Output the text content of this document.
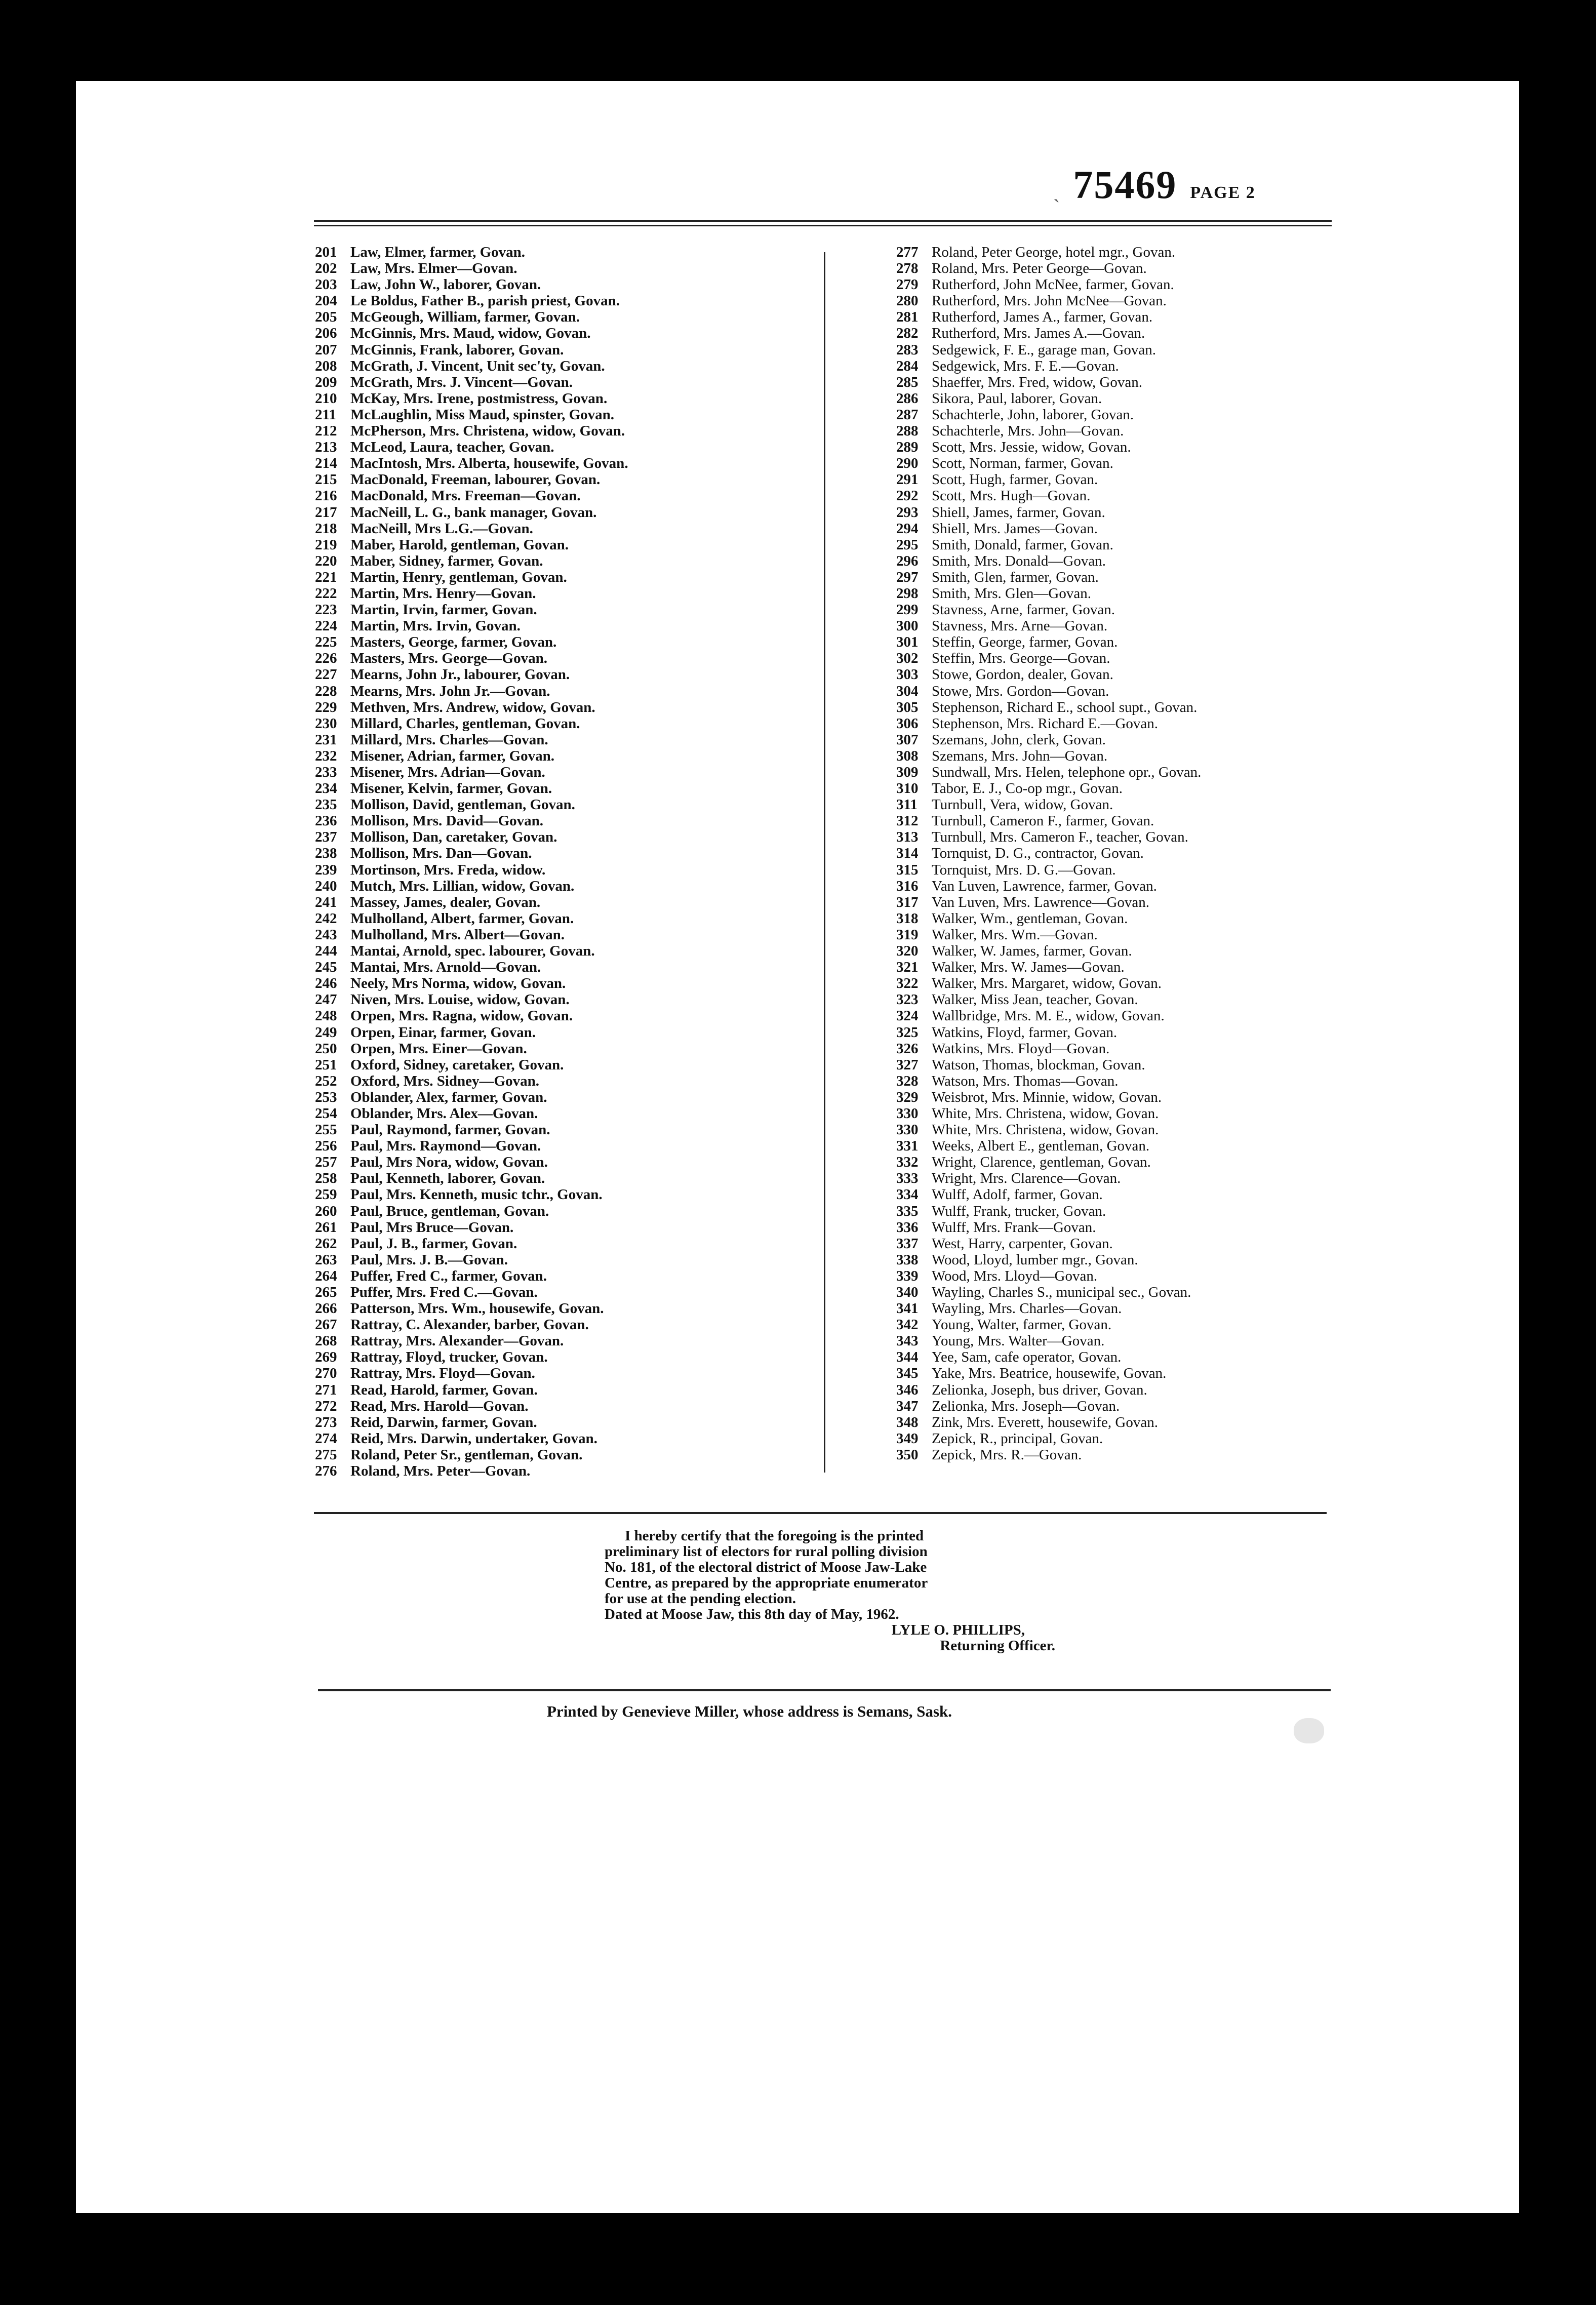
ˎ 75469 PAGE 2
201 Law, Elmer, farmer, Govan.
202 Law, Mrs. Elmer—Govan.
203 Law, John W., laborer, Govan.
204 Le Boldus, Father B., parish priest, Govan.
205 McGeough, William, farmer, Govan.
206 McGinnis, Mrs. Maud, widow, Govan.
207 McGinnis, Frank, laborer, Govan.
208 McGrath, J. Vincent, Unit sec'ty, Govan.
209 McGrath, Mrs. J. Vincent—Govan.
210 McKay, Mrs. Irene, postmistress, Govan.
211 McLaughlin, Miss Maud, spinster, Govan.
212 McPherson, Mrs. Christena, widow, Govan.
213 McLeod, Laura, teacher, Govan.
214 MacIntosh, Mrs. Alberta, housewife, Govan.
215 MacDonald, Freeman, labourer, Govan.
216 MacDonald, Mrs. Freeman—Govan.
217 MacNeill, L. G., bank manager, Govan.
218 MacNeill, Mrs L.G.—Govan.
219 Maber, Harold, gentleman, Govan.
220 Maber, Sidney, farmer, Govan.
221 Martin, Henry, gentleman, Govan.
222 Martin, Mrs. Henry—Govan.
223 Martin, Irvin, farmer, Govan.
224 Martin, Mrs. Irvin, Govan.
225 Masters, George, farmer, Govan.
226 Masters, Mrs. George—Govan.
227 Mearns, John Jr., labourer, Govan.
228 Mearns, Mrs. John Jr.—Govan.
229 Methven, Mrs. Andrew, widow, Govan.
230 Millard, Charles, gentleman, Govan.
231 Millard, Mrs. Charles—Govan.
232 Misener, Adrian, farmer, Govan.
233 Misener, Mrs. Adrian—Govan.
234 Misener, Kelvin, farmer, Govan.
235 Mollison, David, gentleman, Govan.
236 Mollison, Mrs. David—Govan.
237 Mollison, Dan, caretaker, Govan.
238 Mollison, Mrs. Dan—Govan.
239 Mortinson, Mrs. Freda, widow.
240 Mutch, Mrs. Lillian, widow, Govan.
241 Massey, James, dealer, Govan.
242 Mulholland, Albert, farmer, Govan.
243 Mulholland, Mrs. Albert—Govan.
244 Mantai, Arnold, spec. labourer, Govan.
245 Mantai, Mrs. Arnold—Govan.
246 Neely, Mrs Norma, widow, Govan.
247 Niven, Mrs. Louise, widow, Govan.
248 Orpen, Mrs. Ragna, widow, Govan.
249 Orpen, Einar, farmer, Govan.
250 Orpen, Mrs. Einer—Govan.
251 Oxford, Sidney, caretaker, Govan.
252 Oxford, Mrs. Sidney—Govan.
253 Oblander, Alex, farmer, Govan.
254 Oblander, Mrs. Alex—Govan.
255 Paul, Raymond, farmer, Govan.
256 Paul, Mrs. Raymond—Govan.
257 Paul, Mrs Nora, widow, Govan.
258 Paul, Kenneth, laborer, Govan.
259 Paul, Mrs. Kenneth, music tchr., Govan.
260 Paul, Bruce, gentleman, Govan.
261 Paul, Mrs Bruce—Govan.
262 Paul, J. B., farmer, Govan.
263 Paul, Mrs. J. B.—Govan.
264 Puffer, Fred C., farmer, Govan.
265 Puffer, Mrs. Fred C.—Govan.
266 Patterson, Mrs. Wm., housewife, Govan.
267 Rattray, C. Alexander, barber, Govan.
268 Rattray, Mrs. Alexander—Govan.
269 Rattray, Floyd, trucker, Govan.
270 Rattray, Mrs. Floyd—Govan.
271 Read, Harold, farmer, Govan.
272 Read, Mrs. Harold—Govan.
273 Reid, Darwin, farmer, Govan.
274 Reid, Mrs. Darwin, undertaker, Govan.
275 Roland, Peter Sr., gentleman, Govan.
276 Roland, Mrs. Peter—Govan.
277 Roland, Peter George, hotel mgr., Govan.
278 Roland, Mrs. Peter George—Govan.
279 Rutherford, John McNee, farmer, Govan.
280 Rutherford, Mrs. John McNee—Govan.
281 Rutherford, James A., farmer, Govan.
282 Rutherford, Mrs. James A.—Govan.
283 Sedgewick, F. E., garage man, Govan.
284 Sedgewick, Mrs. F. E.—Govan.
285 Shaeffer, Mrs. Fred, widow, Govan.
286 Sikora, Paul, laborer, Govan.
287 Schachterle, John, laborer, Govan.
288 Schachterle, Mrs. John—Govan.
289 Scott, Mrs. Jessie, widow, Govan.
290 Scott, Norman, farmer, Govan.
291 Scott, Hugh, farmer, Govan.
292 Scott, Mrs. Hugh—Govan.
293 Shiell, James, farmer, Govan.
294 Shiell, Mrs. James—Govan.
295 Smith, Donald, farmer, Govan.
296 Smith, Mrs. Donald—Govan.
297 Smith, Glen, farmer, Govan.
298 Smith, Mrs. Glen—Govan.
299 Stavness, Arne, farmer, Govan.
300 Stavness, Mrs. Arne—Govan.
301 Steffin, George, farmer, Govan.
302 Steffin, Mrs. George—Govan.
303 Stowe, Gordon, dealer, Govan.
304 Stowe, Mrs. Gordon—Govan.
305 Stephenson, Richard E., school supt., Govan.
306 Stephenson, Mrs. Richard E.—Govan.
307 Szemans, John, clerk, Govan.
308 Szemans, Mrs. John—Govan.
309 Sundwall, Mrs. Helen, telephone opr., Govan.
310 Tabor, E. J., Co-op mgr., Govan.
311 Turnbull, Vera, widow, Govan.
312 Turnbull, Cameron F., farmer, Govan.
313 Turnbull, Mrs. Cameron F., teacher, Govan.
314 Tornquist, D. G., contractor, Govan.
315 Tornquist, Mrs. D. G.—Govan.
316 Van Luven, Lawrence, farmer, Govan.
317 Van Luven, Mrs. Lawrence—Govan.
318 Walker, Wm., gentleman, Govan.
319 Walker, Mrs. Wm.—Govan.
320 Walker, W. James, farmer, Govan.
321 Walker, Mrs. W. James—Govan.
322 Walker, Mrs. Margaret, widow, Govan.
323 Walker, Miss Jean, teacher, Govan.
324 Wallbridge, Mrs. M. E., widow, Govan.
325 Watkins, Floyd, farmer, Govan.
326 Watkins, Mrs. Floyd—Govan.
327 Watson, Thomas, blockman, Govan.
328 Watson, Mrs. Thomas—Govan.
329 Weisbrot, Mrs. Minnie, widow, Govan.
330 White, Mrs. Christena, widow, Govan.
330 White, Mrs. Christena, widow, Govan.
331 Weeks, Albert E., gentleman, Govan.
332 Wright, Clarence, gentleman, Govan.
333 Wright, Mrs. Clarence—Govan.
334 Wulff, Adolf, farmer, Govan.
335 Wulff, Frank, trucker, Govan.
336 Wulff, Mrs. Frank—Govan.
337 West, Harry, carpenter, Govan.
338 Wood, Lloyd, lumber mgr., Govan.
339 Wood, Mrs. Lloyd—Govan.
340 Wayling, Charles S., municipal sec., Govan.
341 Wayling, Mrs. Charles—Govan.
342 Young, Walter, farmer, Govan.
343 Young, Mrs. Walter—Govan.
344 Yee, Sam, cafe operator, Govan.
345 Yake, Mrs. Beatrice, housewife, Govan.
346 Zelionka, Joseph, bus driver, Govan.
347 Zelionka, Mrs. Joseph—Govan.
348 Zink, Mrs. Everett, housewife, Govan.
349 Zepick, R., principal, Govan.
350 Zepick, Mrs. R.—Govan.
I hereby certify that the foregoing is the printed
preliminary list of electors for rural polling division
No. 181, of the electoral district of Moose Jaw-Lake
Centre, as prepared by the appropriate enumerator
for use at the pending election.
Dated at Moose Jaw, this 8th day of May, 1962.
LYLE O. PHILLIPS,
Returning Officer.
Printed by Genevieve Miller, whose address is Semans, Sask.
